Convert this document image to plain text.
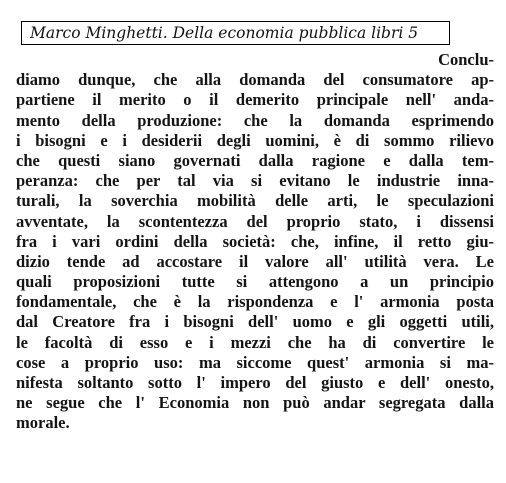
Marco Minghetti. Della economia pubblica libri 5
Conclu-
diamo dunque, che alla domanda del consumatore ap-
partiene il merito o il demerito principale nell' anda-
mento della produzione: che la domanda esprimendo
i bisogni e i desiderii degli uomini, è di sommo rilievo
che questi siano governati dalla ragione e dalla tem-
peranza: che per tal via si evitano le industrie inna-
turali, la soverchia mobilità delle arti, le speculazioni
avventate, la scontentezza del proprio stato, i dissensi
fra i vari ordini della società: che, infine, il retto giu-
dizio tende ad accostare il valore all' utilità vera. Le
quali proposizioni tutte si attengono a un principio
fondamentale, che è la rispondenza e l' armonia posta
dal Creatore fra i bisogni dell' uomo e gli oggetti utili,
le facoltà di esso e i mezzi che ha di convertire le
cose a proprio uso: ma siccome quest' armonia si ma-
nifesta soltanto sotto l' impero del giusto e dell' onesto,
ne segue che l' Economia non può andar segregata dalla
morale.
